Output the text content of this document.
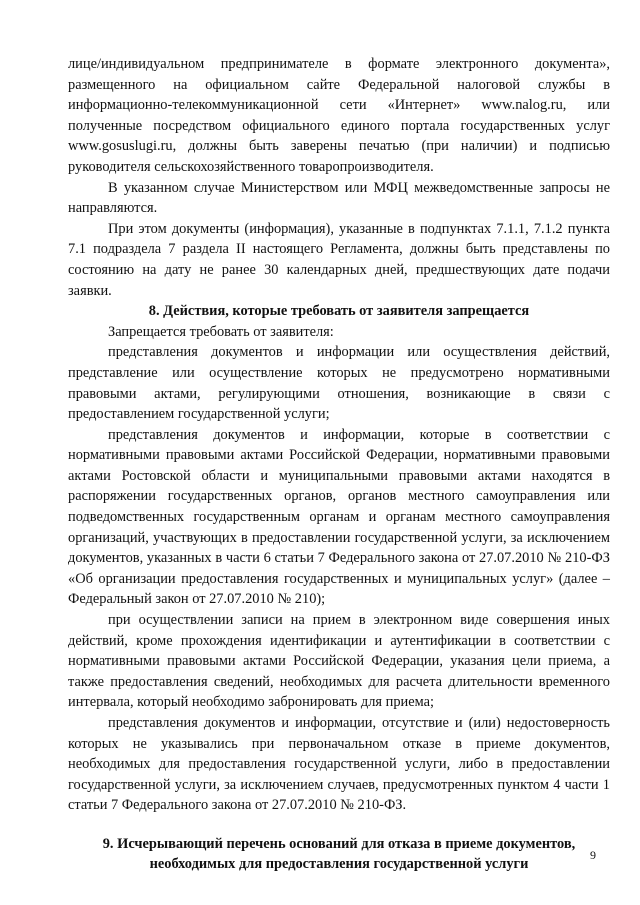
лице/индивидуальном предпринимателе в формате электронного документа», размещенного на официальном сайте Федеральной налоговой службы в информационно-телекоммуникационной сети «Интернет» www.nalog.ru, или полученные посредством официального единого портала государственных услуг www.gosuslugi.ru, должны быть заверены печатью (при наличии) и подписью руководителя сельскохозяйственного товаропроизводителя.

В указанном случае Министерством или МФЦ межведомственные запросы не направляются.

При этом документы (информация), указанные в подпунктах 7.1.1, 7.1.2 пункта 7.1 подраздела 7 раздела II настоящего Регламента, должны быть представлены по состоянию на дату не ранее 30 календарных дней, предшествующих дате подачи заявки.

8. Действия, которые требовать от заявителя запрещается

Запрещается требовать от заявителя:

представления документов и информации или осуществления действий, представление или осуществление которых не предусмотрено нормативными правовыми актами, регулирующими отношения, возникающие в связи с предоставлением государственной услуги;

представления документов и информации, которые в соответствии с нормативными правовыми актами Российской Федерации, нормативными правовыми актами Ростовской области и муниципальными правовыми актами находятся в распоряжении государственных органов, органов местного самоуправления или подведомственных государственным органам и органам местного самоуправления организаций, участвующих в предоставлении государственной услуги, за исключением документов, указанных в части 6 статьи 7 Федерального закона от 27.07.2010 № 210-ФЗ «Об организации предоставления государственных и муниципальных услуг» (далее – Федеральный закон от 27.07.2010 № 210);

при осуществлении записи на прием в электронном виде совершения иных действий, кроме прохождения идентификации и аутентификации в соответствии с нормативными правовыми актами Российской Федерации, указания цели приема, а также предоставления сведений, необходимых для расчета длительности временного интервала, который необходимо забронировать для приема;

представления документов и информации, отсутствие и (или) недостоверность которых не указывались при первоначальном отказе в приеме документов, необходимых для предоставления государственной услуги, либо в предоставлении государственной услуги, за исключением случаев, предусмотренных пунктом 4 части 1 статьи 7 Федерального закона от 27.07.2010 № 210-ФЗ.

9. Исчерывающий перечень оснований для отказа в приеме документов,
необходимых для предоставления государственной услуги
9
